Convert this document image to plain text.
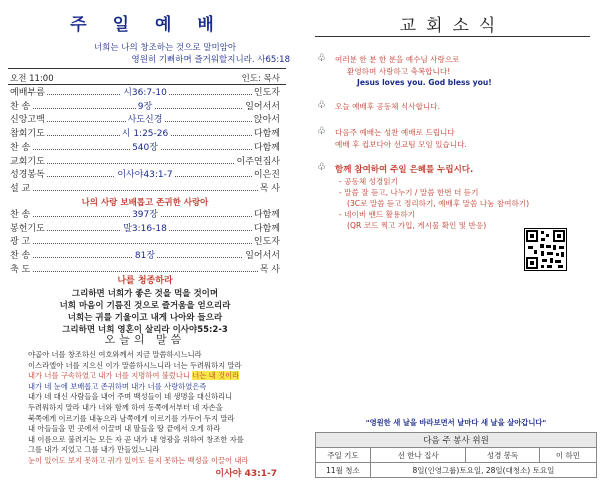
주일예배
너희는 나의 창조하는 것으로 말미암아
영원히 기뻐하며 즐거워할지니라. 사65:18
오전 11:00	인도: 목사
예배부름	시36:7-10	인도자
찬 송	9장	일어서서
신앙고백	사도신경	앉아서
참회기도	시 1:25-26	다함께
찬 송	540장	다함께
교회기도	이주연집사
성경봉독	이사야43:1-7	이은진
설 교	목 사
나의 사랑 보배롭고 존귀한 사랑아
찬 송	397장	다함께
봉헌기도	말3:16-18	다함께
광 고	인도자
찬 송	81장	일어서서
축 도	목 사
나를 청종하라
그리하면 너희가 좋은 것을 먹을 것이며
너희 마음이 기름진 것으로 즐거움을 얻으리라
너희는 귀를 기울이고 내게 나아와 들으라
그리하면 너희 영혼이 살리라 이사야55:2-3
오늘의 말씀
야곱아 너를 창조하신 여호와께서 지금 말씀하시느니라
이스라엘아 너를 지으신 이가 말씀하시느니라 너는 두려워하지 말라
내가 너를 구속하였고 내가 너를 지명하여 불렀나니 너는 내 것이라
내가 네 눈에 보배롭고 존귀하며 내가 너를 사랑하였은즉
내가 네 대신 사람들을 내어 주며 백성들이 네 생명을 대신하리니
두려워하지 말라 내가 너와 함께 하여 동쪽에서부터 네 자손을
북쪽에게 이르기를 내놓으라 남쪽에게 이르기를 가두어 두지 말라
내 아들들을 먼 곳에서 이끌며 내 딸들을 땅 끝에서 오게 하라
내 이름으로 불려지는 모든 자 곧 내가 내 영광을 위하여 창조한 자를
그를 내가 지었고 그를 내가 만들었느니라
눈이 있어도 보지 못하고 귀가 있어도 듣지 못하는 백성을 이끌어 내라
이사야 43:1-7
교회소식
♧ 여러분 한 분 한 분을 예수님 사랑으로
환영하며 사랑하고 축복합니다!
Jesus loves you. God bless you!
♧ 오늘 예배후 공동체 식사합니다.
♧ 다음주 예배는 성찬 예배로 드립니다
예배 후 컵보다아 선교팀 모임 있습니다.
♧ 함께 참여하여 주일 은혜를 누립시다.
- 공동체 성경읽기
- 말씀 잘 듣고, 나누기 / 말씀 한번 더 듣기
(3C로 말씀 듣고 정리하기, 예배후 말씀 나눔 참여하기)
- 네이버 밴드 활용하기
(QR 코드 찍고 가입, 게시물 확인 및 반응)
"영원한 새 날을 바라보면서 날마다 새 날을 살아갑니다"
다음 주 봉사 위원			
주일 기도	선 한나 집사	성경 봉독	이 하민
11월 청소	8일(인영그룹)토요일, 28일(대청소) 토요일		
